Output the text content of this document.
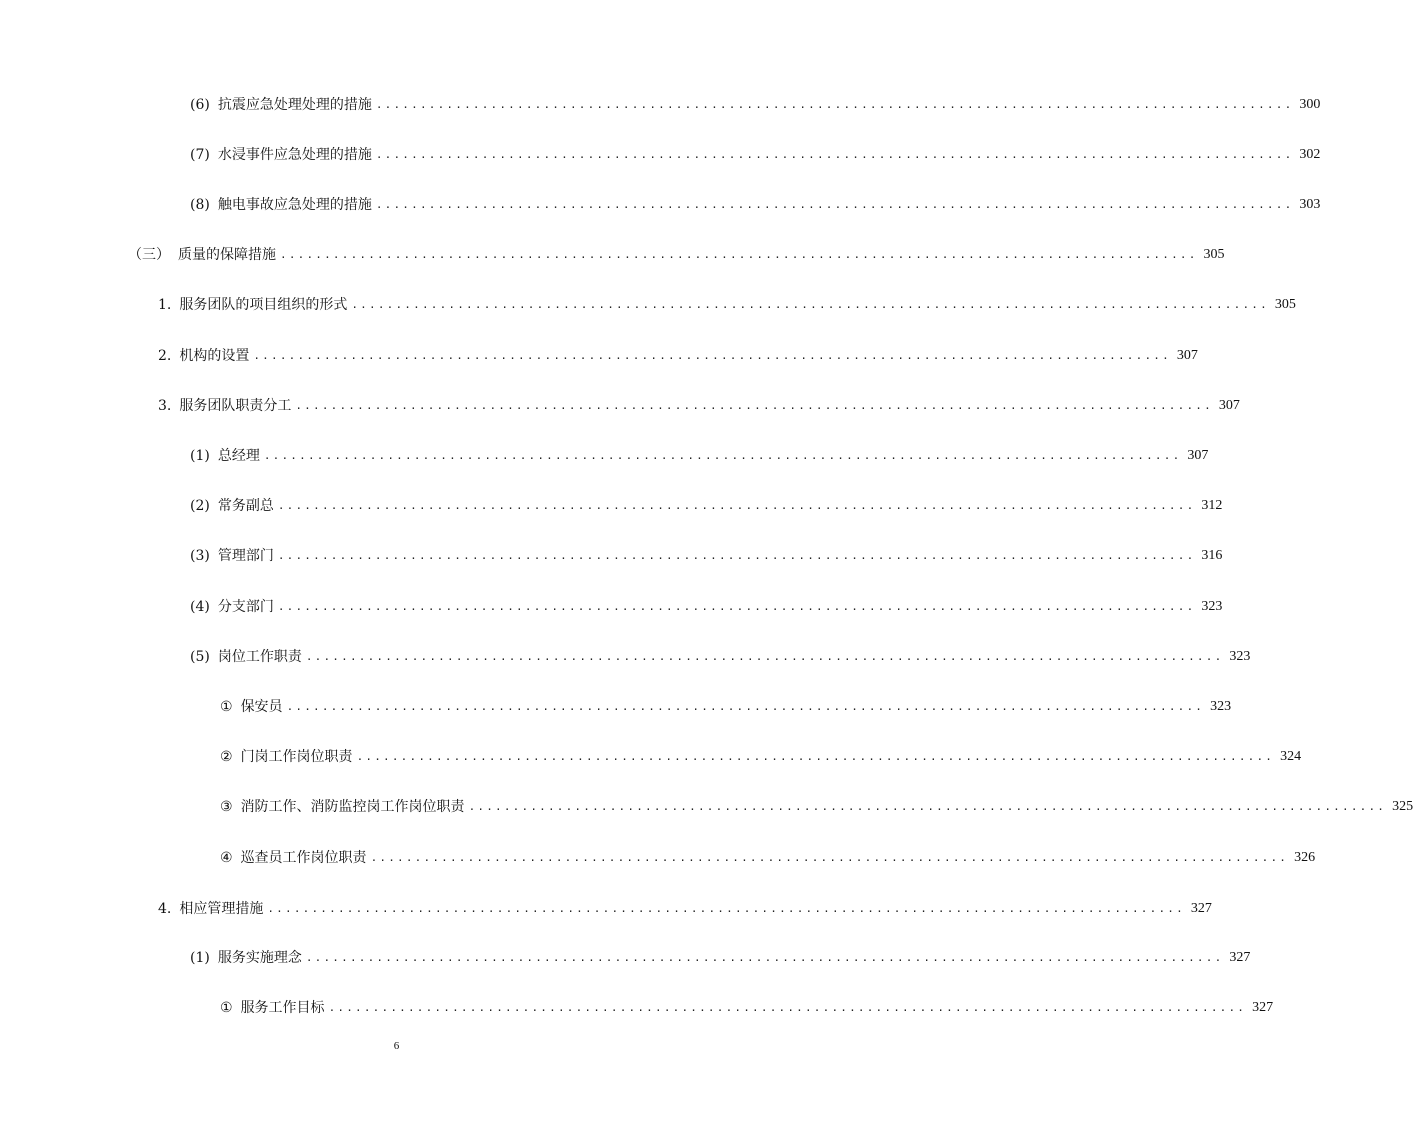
(6) 抗震应急处理处理的措施 ........................................................................................................ 300
(7) 水浸事件应急处理的措施 ........................................................................................................ 302
(8) 触电事故应急处理的措施 ........................................................................................................ 303
（三） 质量的保障措施 ........................................................................................................ 305
1. 服务团队的项目组织的形式 ........................................................................................................ 305
2. 机构的设置 ........................................................................................................ 307
3. 服务团队职责分工 ........................................................................................................ 307
(1) 总经理 ........................................................................................................ 307
(2) 常务副总 ........................................................................................................ 312
(3) 管理部门 ........................................................................................................ 316
(4) 分支部门 ........................................................................................................ 323
(5) 岗位工作职责 ........................................................................................................ 323
① 保安员 ........................................................................................................ 323
② 门岗工作岗位职责 ........................................................................................................ 324
③ 消防工作、消防监控岗工作岗位职责 ........................................................................................................ 325
④ 巡查员工作岗位职责 ........................................................................................................ 326
4. 相应管理措施 ........................................................................................................ 327
(1) 服务实施理念 ........................................................................................................ 327
① 服务工作目标 ........................................................................................................ 327
6
